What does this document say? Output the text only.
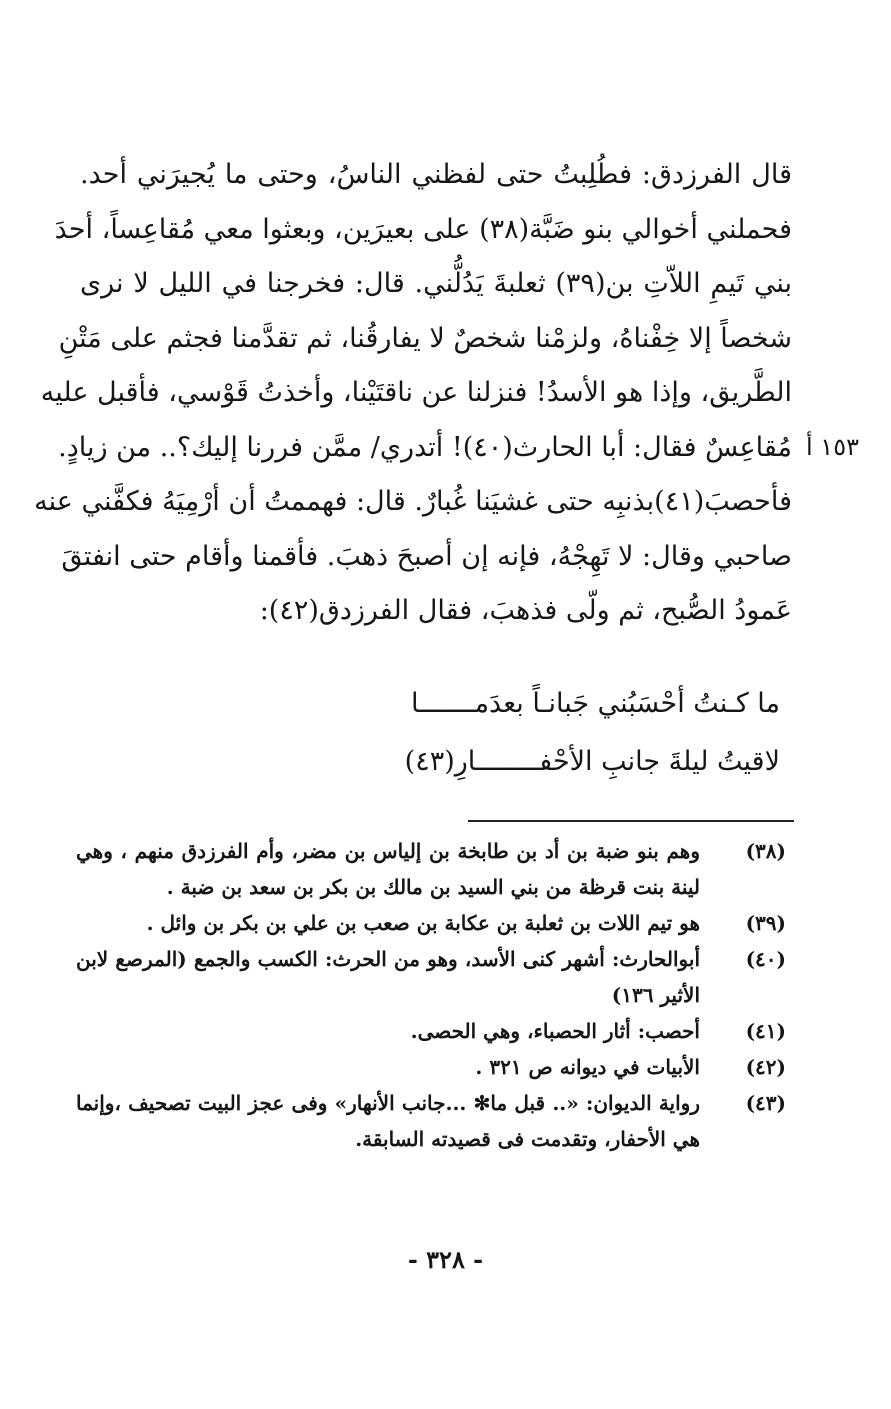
١٥٣ أ
قال الفرزدق: فطُلِبتُ حتى لفظني الناسُ، وحتى ما يُجيرَني أحد.
فحملني أخوالي بنو ضَبَّة(٣٨) على بعيرَين، وبعثوا معي مُقاعِساً، أحدَ
بني تَيمِ اللاّتِ بن(٣٩) ثعلبةَ يَدُلُّني. قال: فخرجنا في الليل لا نرى
شخصاً إلا خِفْناهُ، ولزمْنا شخصٌ لا يفارقُنا، ثم تقدَّمنا فجثم على مَتْنِ
الطَّريق، وإذا هو الأسدُ! فنزلنا عن ناقتَيْنا، وأخذتُ قَوْسي، فأقبل عليه
مُقاعِسٌ فقال: أبا الحارث(٤٠)! أتدري/ ممَّن فررنا إليك؟.. من زيادٍ.
فأحصبَ(٤١)بذنبِه حتى غشيَنا غُبارٌ. قال: فهممتُ أن أرْمِيَهُ فكفَّني عنه
صاحبي وقال: لا تَهِجْهُ، فإنه إن أصبحَ ذهبَ. فأقمنا وأقام حتى انفتقَ
عَمودُ الصُّبح، ثم ولّى فذهبَ، فقال الفرزدق(٤٢):
ما كـنتُ أحْسَبُني جَبانـاً بعدَمـــــــا
لاقيتُ ليلةَ جانبِ الأحْفــــــــارِ(٤٣)
(٣٨)
وهم بنو ضبة بن أد بن طابخة بن إلياس بن مضر، وأم الفرزدق منهم ، وهي
لينة بنت قرظة من بني السيد بن مالك بن بكر بن سعد بن ضبة .
(٣٩)
هو تيم اللات بن ثعلبة بن عكابة بن صعب بن علي بن بكر بن وائل .
(٤٠)
أبوالحارث: أشهر كنى الأسد، وهو من الحرث: الكسب والجمع (المرصع لابن
الأثير ١٣٦)
(٤١)
أحصب: أثار الحصباء، وهي الحصى.
(٤٢)
الأبيات في ديوانه ص ٣٢١ .
(٤٣)
رواية الديوان: «.. قبل ما✻ ...جانب الأنهار» وفى عجز البيت تصحيف ،وإنما
هي الأحفار، وتقدمت فى قصيدته السابقة.
- ٣٢٨ -
